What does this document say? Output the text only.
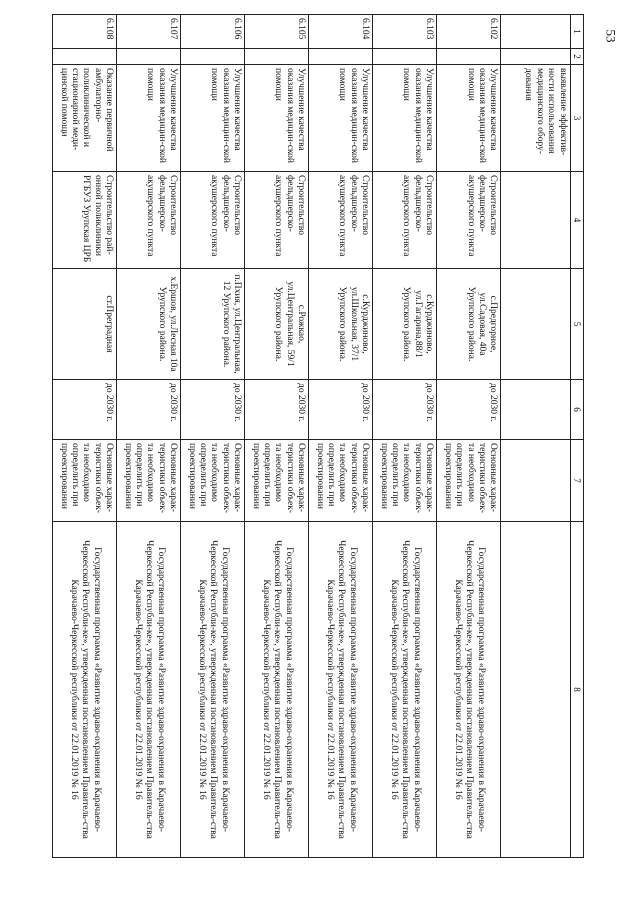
53
1	2	3	4	5	6	7	8
		выявление эффектив-ности использования медицинского обору-дования					
6.102		Улучшение качества оказания медицин-ской помощи	Строительство фельдшерско-акушерского пункта	с.Предгорное, ул.Садовая, 40а Урупского района.	до 2030 г.	Основные харак-теристики объек-та необходимо определить при проектировании	Государственная программа «Развитие здраво-охранения в Карачаево-Черкесской Республи-ке», утвержденная постановлением Правитель-ства Карачаево-Черкесской республики от 22.01.2019 № 16
6.103		Улучшение качества оказания медицин-ской помощи	Строительство фельдшерско-акушерского пункта	с.Курджиново, ул.Гагарина,88/1 Урупского района.	до 2030 г.	Основные харак-теристики объек-та необходимо определить при проектировании	Государственная программа «Развитие здраво-охранения в Карачаево-Черкесской Республи-ке», утвержденная постановлением Правитель-ства Карачаево-Черкесской республики от 22.01.2019 № 16
6.104		Улучшение качества оказания медицин-ской помощи	Строительство фельдшерско-акушерского пункта	с.Курджиново, ул.Школьная, 37/1 Урупского района.	до 2030 г.	Основные харак-теристики объек-та необходимо определить при проектировании	Государственная программа «Развитие здраво-охранения в Карачаево-Черкесской Республи-ке», утвержденная постановлением Правитель-ства Карачаево-Черкесской республики от 22.01.2019 № 16
6.105		Улучшение качества оказания медицин-ской помощи	Строительство фельдшерско-акушерского пункта	с.Рожкао, ул.Центральная, 59/1 Урупского района.	до 2030 г.	Основные харак-теристики объек-та необходимо определить при проектировании	Государственная программа «Развитие здраво-охранения в Карачаево-Черкесской Республи-ке», утвержденная постановлением Правитель-ства Карачаево-Черкесской республики от 22.01.2019 № 16
6.106		Улучшение качества оказания медицин-ской помощи	Строительство фельдшерско-акушерского пункта	п.Пхия, ул.Центральная, 12 Урупского района.	до 2030 г.	Основные харак-теристики объек-та необходимо определить при проектировании	Государственная программа «Развитие здраво-охранения в Карачаево-Черкесской Республи-ке», утвержденная постановлением Правитель-ства Карачаево-Черкесской республики от 22.01.2019 № 16
6.107		Улучшение качества оказания медицин-ской помощи	Строительство фельдшерско-акушерского пункта	х.Ершов, ул.Лесная 10а Урупского района.	до 2030 г.	Основные харак-теристики объек-та необходимо определить при проектировании	Государственная программа «Развитие здраво-охранения в Карачаево-Черкесской Республи-ке», утвержденная постановлением Правитель-ства Карачаево-Черкесской республики от 22.01.2019 № 16
6.108		Оказание первичной амбулаторно-поликлинической и стационарной меди-цинской помощи	Строительство рай-онной поликлиники РГБУЗ Урупская ЦРБ	ст.Преградная	до 2030 г.	Основные харак-теристики объек-та необходимо определить при проектировании	Государственная программа «Развитие здраво-охранения в Карачаево-Черкесской Республи-ке», утвержденная постановлением Правитель-ства Карачаево-Черкесской республики от 22.01.2019 № 16
